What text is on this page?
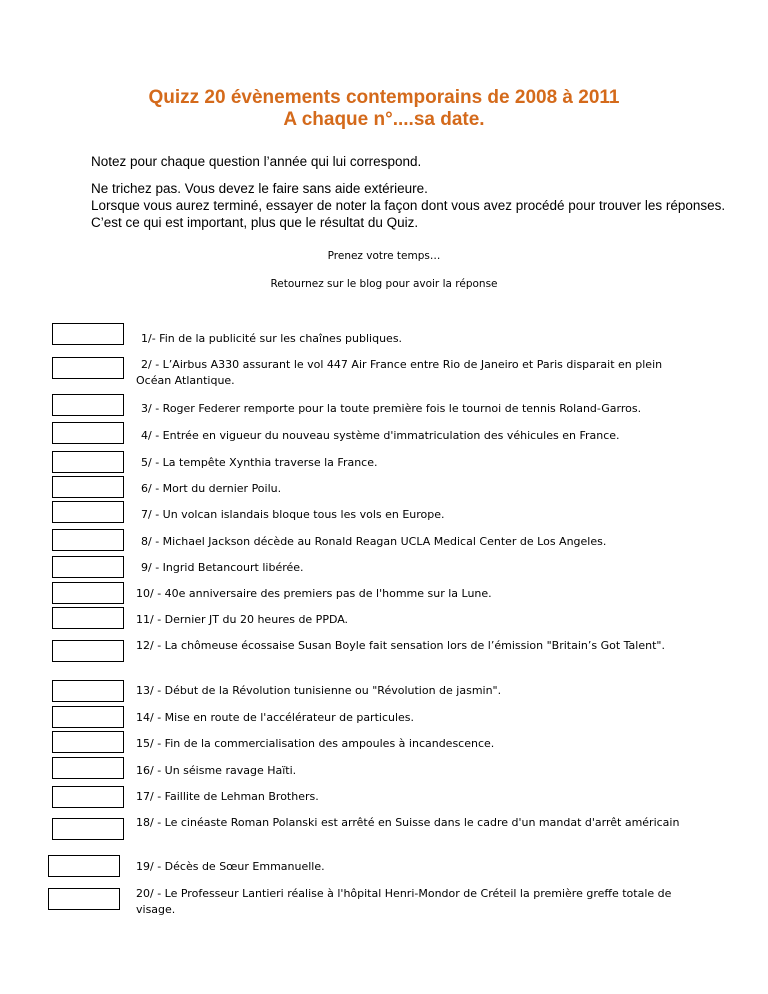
Quizz 20 évènements contemporains de 2008 à 2011
A chaque n°....sa date.
Notez pour chaque question l’année qui lui correspond.
Ne trichez pas. Vous devez le faire sans aide extérieure.
Lorsque vous aurez terminé, essayer de noter la façon dont vous avez procédé pour trouver les réponses. C’est ce qui est important, plus que le résultat du Quiz.
Prenez votre temps…
Retournez sur le blog pour avoir la réponse
1/- Fin de la publicité sur les chaînes publiques.
2/ - L’Airbus A330 assurant le vol 447 Air France entre Rio de Janeiro et Paris disparait en plein Océan Atlantique.
3/ - Roger Federer remporte pour la toute première fois le tournoi de tennis Roland-Garros.
4/ - Entrée en vigueur du nouveau système d'immatriculation des véhicules en France.
5/ - La tempête Xynthia traverse la France.
6/ - Mort du dernier Poilu.
7/ - Un volcan islandais bloque tous les vols en Europe.
8/ - Michael Jackson décède au Ronald Reagan UCLA Medical Center de Los Angeles.
9/ - Ingrid Betancourt libérée.
10/ - 40e anniversaire des premiers pas de l'homme sur la Lune.
11/ - Dernier JT du 20 heures de PPDA.
12/ - La chômeuse écossaise Susan Boyle fait sensation lors de l’émission "Britain’s Got Talent".
13/ - Début de la Révolution tunisienne ou "Révolution de jasmin".
14/ - Mise en route de l'accélérateur de particules.
15/ - Fin de la commercialisation des ampoules à incandescence.
16/ - Un séisme ravage Haïti.
17/ - Faillite de Lehman Brothers.
18/ - Le cinéaste Roman Polanski est arrêté en Suisse dans le cadre d'un mandat d'arrêt américain
19/ - Décès de Sœur Emmanuelle.
20/ - Le Professeur Lantieri réalise à l'hôpital Henri-Mondor de Créteil la première greffe totale de visage.
